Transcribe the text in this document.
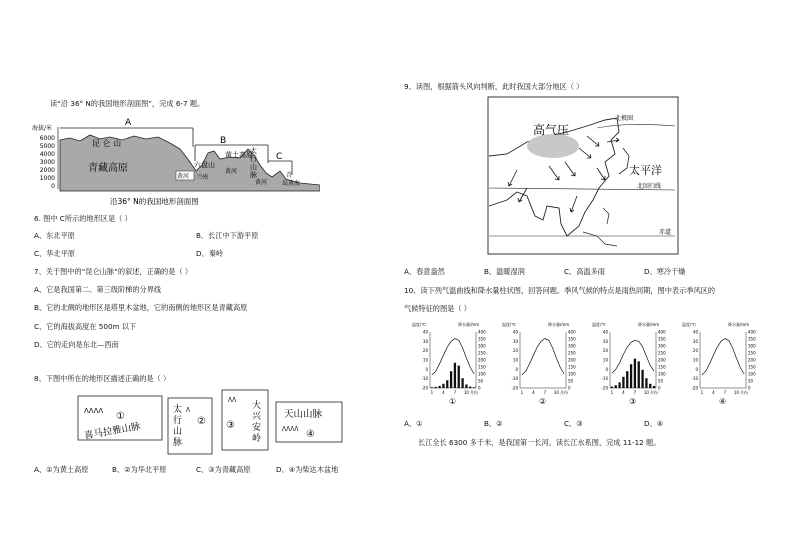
读“沿 36° N的我国地形剖面图”，完成 6-7 题。
海拔/米
6000
5000
4000
3000
2000
1000
0
A
B
C
昆 仑 山
青藏高原
黄土高原
六盘山
太
行
山
脉
黄河 兰州
黄河
黄河
青
岛黄海
沿36° N的我国地形剖面图
6. 图中 C所示的地形区是（ ）
A、东北平原	B、长江中下游平原
C、华北平原	D、秦岭
7、关于图中的“昆仑山脉”的叙述，正确的是（ ）
A、它是我国第二、第三级阶梯的分界线
B、它的北侧的地形区是塔里木盆地，它的南侧的地形区是青藏高原
C、它的海拔高度在 500m 以下
D、它的走向是东北—西南
8、下图中所在的地形区描述正确的是（ ）
ᐱᐱᐱᐱ ①
喜马拉雅山脉
太
行
山
脉
ᐱ
②
ᐱᐱ
③
大
兴
安
岭
天山山脉
ᐱᐱᐱᐱ ④
A、①为黄土高原	B、②为华北平原	C、③为青藏高原	D、④为柴达木盆地
9、读图，根据箭头风向判断，此时我国大部分地区（ ）
北极圈
高气压
太平洋
北回归线
赤道
A、春意盎然	B、温暖湿润	C、高温多雨	D、寒冷干燥
10、读下列气温曲线和降水量柱状图，回答问题。季风气候的特点是雨热同期，图中表示季风区的
气候特征的图是（ ）
温度/℃	降水量/mm
40
30
20
10
0
-10
-20
400
350
300
250
200
150
100
50
0
1 4 7 10 月份
①
温度/℃	降水量/mm
40
30
20
10
0
-10
-20
400
350
300
250
200
150
100
50
0
1 4 7 10 月份
②
温度/℃	降水量/mm
40
30
20
10
0
-10
-20
400
350
300
250
200
150
100
50
0
1 4 7 10 月份
③
温度/℃	降水量/mm
40
30
20
10
0
-10
-20
400
350
300
250
200
150
100
50
0
1 4 7 10 月份
④
A、①	B、②	C、③	D、④
长江全长 6300 多千米，是我国第一长河。读长江水系图，完成 11-12 题。
